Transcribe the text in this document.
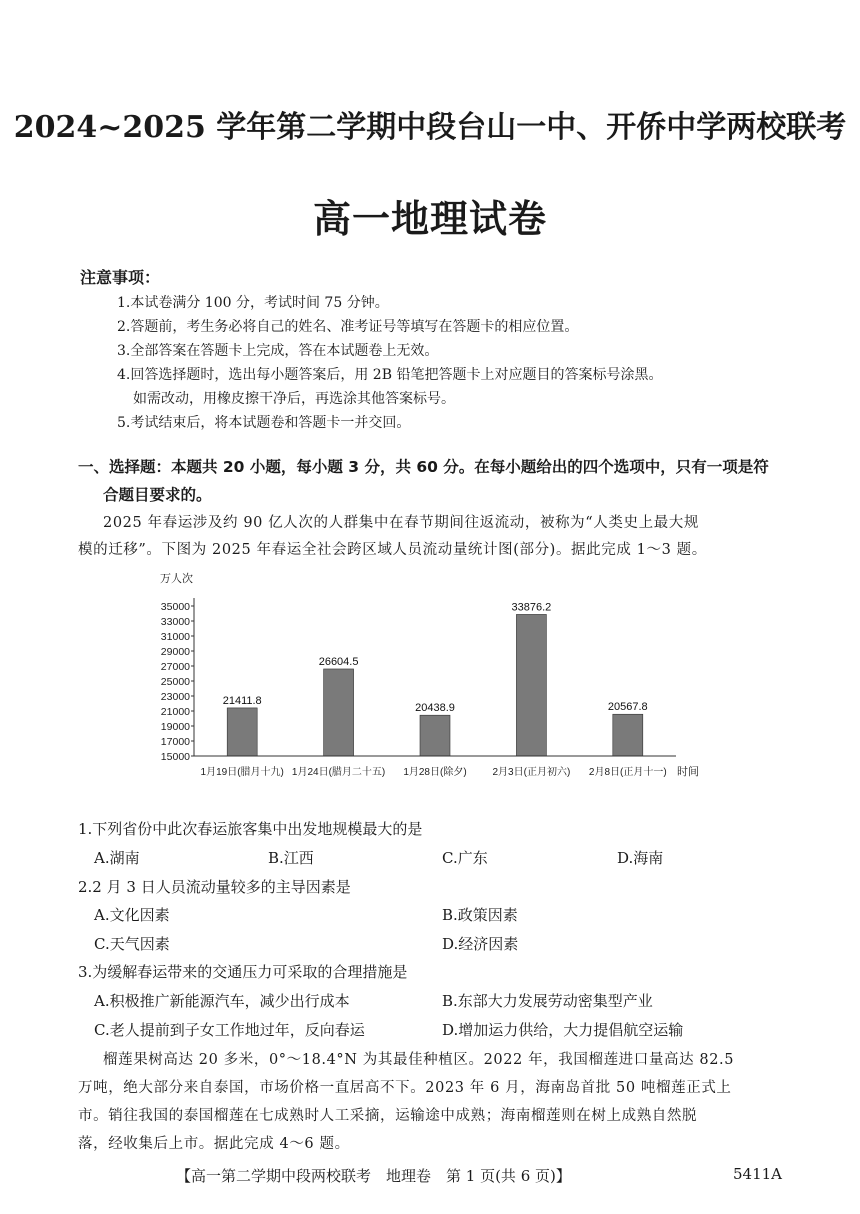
2024~2025 学年第二学期中段台山一中、开侨中学两校联考
高一地理试卷
注意事项：
1.本试卷满分 100 分，考试时间 75 分钟。
2.答题前，考生务必将自己的姓名、准考证号等填写在答题卡的相应位置。
3.全部答案在答题卡上完成，答在本试题卷上无效。
4.回答选择题时，选出每小题答案后，用 2B 铅笔把答题卡上对应题目的答案标号涂黑。
如需改动，用橡皮擦干净后，再选涂其他答案标号。
5.考试结束后，将本试题卷和答题卡一并交回。
一、选择题：本题共 20 小题，每小题 3 分，共 60 分。在每小题给出的四个选项中，只有一项是符
合题目要求的。
2025 年春运涉及约 90 亿人次的人群集中在春节期间往返流动，被称为“人类史上最大规
模的迁移”。下图为 2025 年春运全社会跨区域人员流动量统计图(部分)。据此完成 1～3 题。
万人次
35000
33000
31000
29000
27000
25000
23000
21000
19000
17000
15000
21411.8
26604.5
20438.9
33876.2
20567.8
1月19日(腊月十九) 1月24日(腊月二十五) 1月28日(除夕)	2月3日(正月初六) 2月8日(正月十一) 时间
1.下列省份中此次春运旅客集中出发地规模最大的是
A.湖南	B.江西	C.广东	D.海南
2.2 月 3 日人员流动量较多的主导因素是
A.文化因素	B.政策因素
C.天气因素	D.经济因素
3.为缓解春运带来的交通压力可采取的合理措施是
A.积极推广新能源汽车，减少出行成本	B.东部大力发展劳动密集型产业
C.老人提前到子女工作地过年，反向春运	D.增加运力供给，大力提倡航空运输
榴莲果树高达 20 多米，0°～18.4°N 为其最佳种植区。2022 年，我国榴莲进口量高达 82.5
万吨，绝大部分来自泰国，市场价格一直居高不下。2023 年 6 月，海南岛首批 50 吨榴莲正式上
市。销往我国的泰国榴莲在七成熟时人工采摘，运输途中成熟；海南榴莲则在树上成熟自然脱
落，经收集后上市。据此完成 4～6 题。
【高一第二学期中段两校联考　地理卷　第 1 页(共 6 页)】	5411A
